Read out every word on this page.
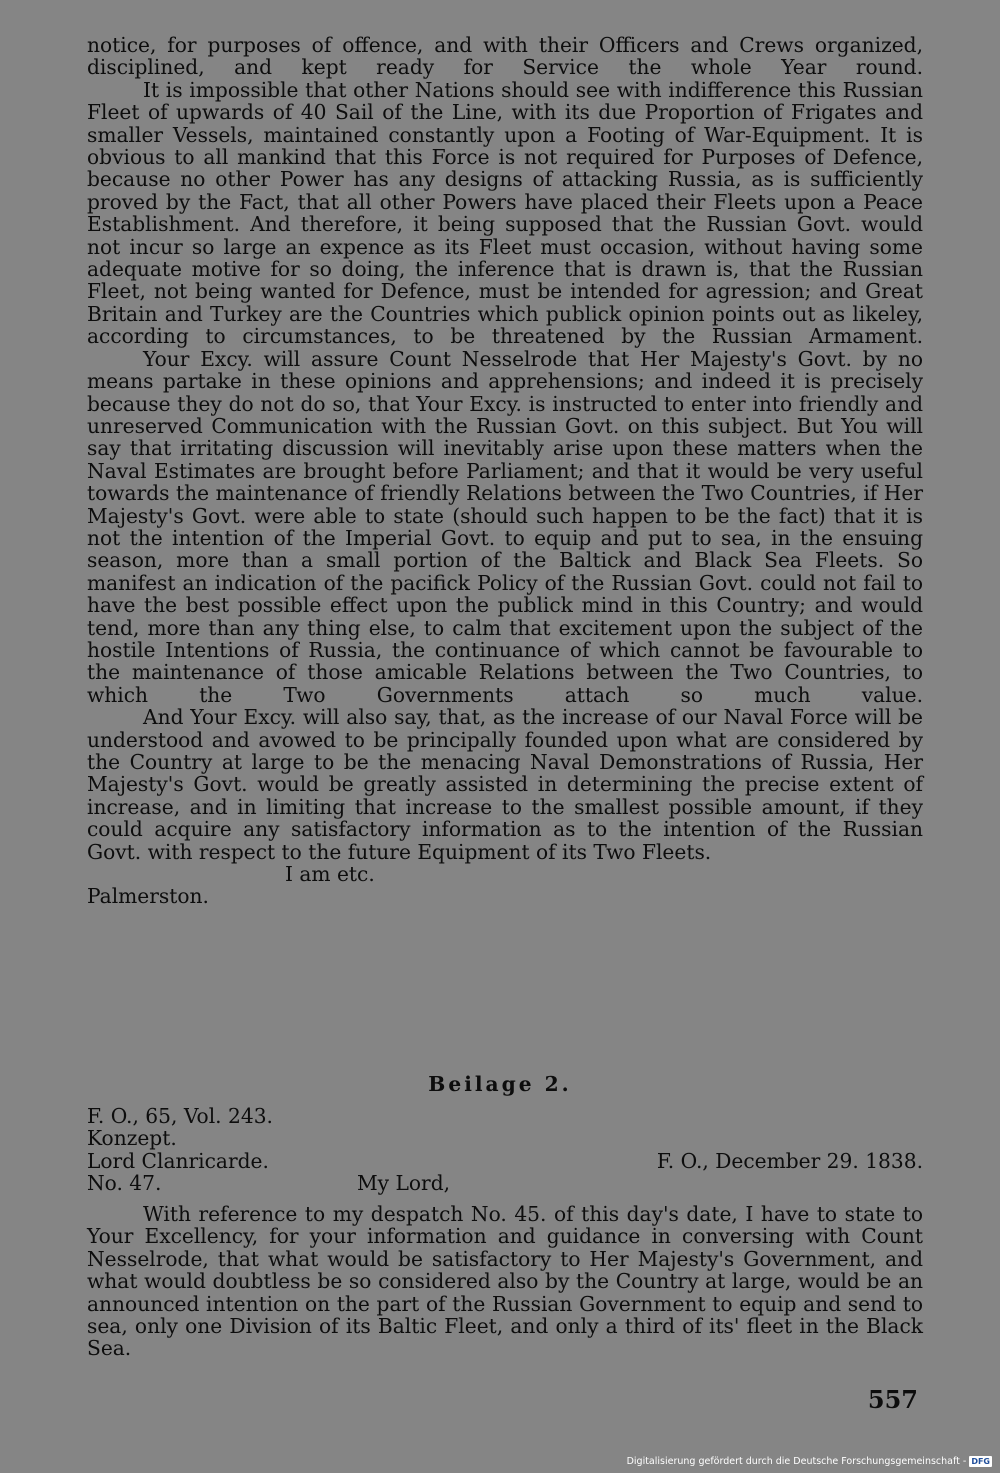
notice, for purposes of offence, and with their Officers and Crews organized, disciplined, and kept ready for Service the whole Year round.

It is impossible that other Nations should see with indifference this Russian Fleet of upwards of 40 Sail of the Line, with its due Proportion of Frigates and smaller Vessels, maintained constantly upon a Footing of War-Equipment. It is obvious to all mankind that this Force is not required for Purposes of Defence, because no other Power has any designs of attacking Russia, as is sufficiently proved by the Fact, that all other Powers have placed their Fleets upon a Peace Establishment. And therefore, it being supposed that the Russian Govt. would not incur so large an expence as its Fleet must occasion, without having some adequate motive for so doing, the inference that is drawn is, that the Russian Fleet, not being wanted for Defence, must be intended for agression; and Great Britain and Turkey are the Countries which publick opinion points out as likeley, according to circumstances, to be threatened by the Russian Armament.

Your Excy. will assure Count Nesselrode that Her Majesty's Govt. by no means partake in these opinions and apprehensions; and indeed it is precisely because they do not do so, that Your Excy. is instructed to enter into friendly and unreserved Communication with the Russian Govt. on this subject. But You will say that irritating discussion will inevitably arise upon these matters when the Naval Estimates are brought before Parliament; and that it would be very useful towards the maintenance of friendly Relations between the Two Countries, if Her Majesty's Govt. were able to state (should such happen to be the fact) that it is not the intention of the Imperial Govt. to equip and put to sea, in the ensuing season, more than a small portion of the Baltick and Black Sea Fleets. So manifest an indication of the pacifick Policy of the Russian Govt. could not fail to have the best possible effect upon the publick mind in this Country; and would tend, more than any thing else, to calm that excitement upon the subject of the hostile Intentions of Russia, the continuance of which cannot be favourable to the maintenance of those amicable Relations between the Two Countries, to which the Two Governments attach so much value.

And Your Excy. will also say, that, as the increase of our Naval Force will be understood and avowed to be principally founded upon what are considered by the Country at large to be the menacing Naval Demonstrations of Russia, Her Majesty's Govt. would be greatly assisted in determining the precise extent of increase, and in limiting that increase to the smallest possible amount, if they could acquire any satisfactory information as to the intention of the Russian Govt. with respect to the future Equipment of its Two Fleets.

I am etc.

Palmerston.

Beilage 2.
F. O., 65, Vol. 243.
Konzept.
Lord Clanricarde.	F. O., December 29. 1838.
No. 47.	My Lord,

With reference to my despatch No. 45. of this day's date, I have to state to Your Excellency, for your information and guidance in conversing with Count Nesselrode, that what would be satisfactory to Her Majesty's Government, and what would doubtless be so considered also by the Country at large, would be an announced intention on the part of the Russian Government to equip and send to sea, only one Division of its Baltic Fleet, and only a third of its' fleet in the Black Sea.

557
Digitalisierung gefördert durch die Deutsche Forschungsgemeinschaft - DFG
